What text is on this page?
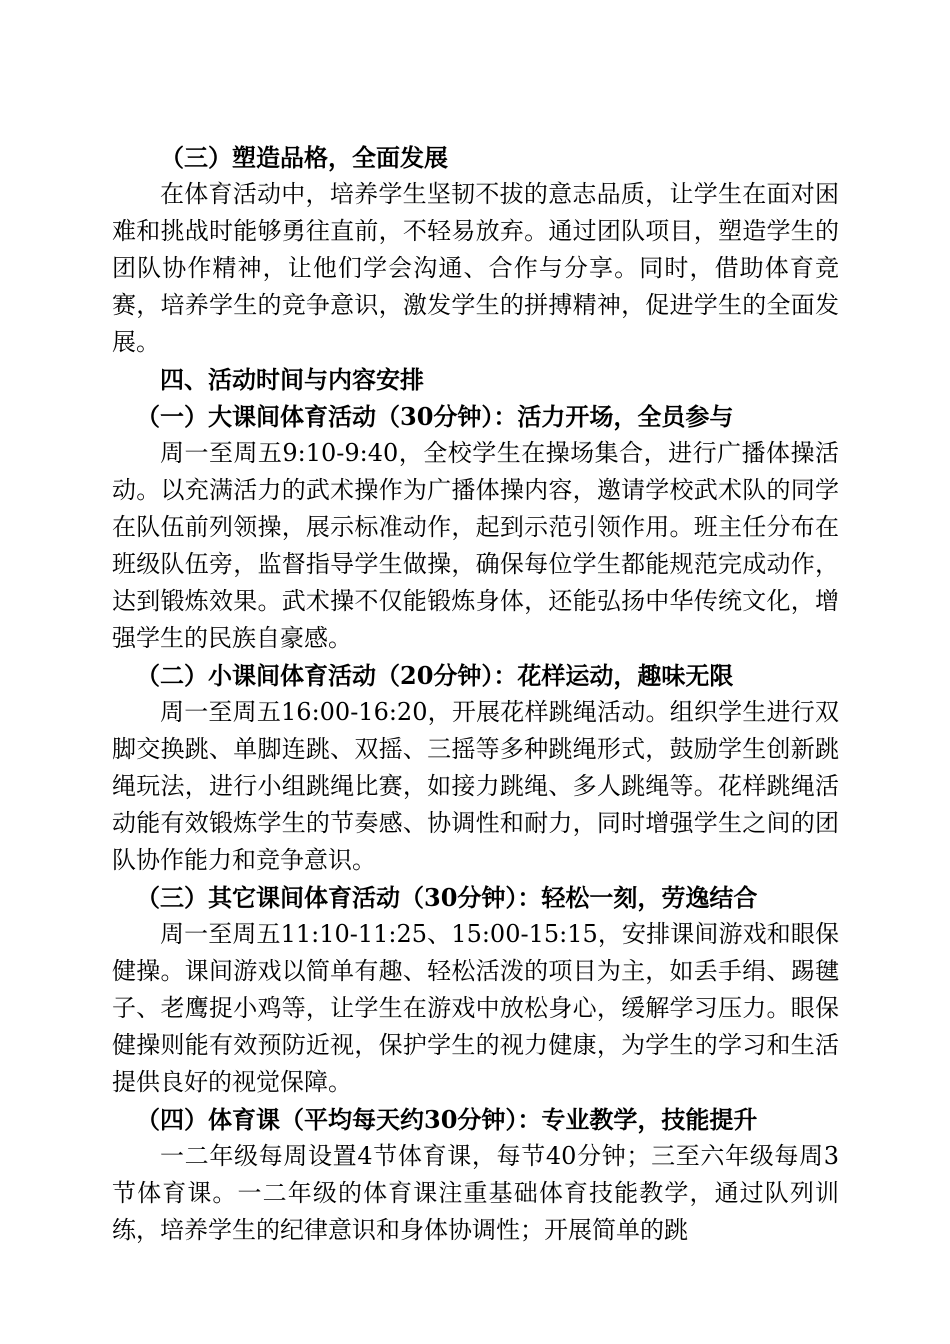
（三）塑造品格，全面发展

在体育活动中，培养学生坚韧不拔的意志品质，让学生在面对困难和挑战时能够勇往直前，不轻易放弃。通过团队项目，塑造学生的团队协作精神，让他们学会沟通、合作与分享。同时，借助体育竞赛，培养学生的竞争意识，激发学生的拼搏精神，促进学生的全面发展。

四、活动时间与内容安排
（一）大课间体育活动（30分钟）：活力开场，全员参与

周一至周五9:10-9:40，全校学生在操场集合，进行广播体操活动。以充满活力的武术操作为广播体操内容，邀请学校武术队的同学在队伍前列领操，展示标准动作，起到示范引领作用。班主任分布在班级队伍旁，监督指导学生做操，确保每位学生都能规范完成动作，达到锻炼效果。武术操不仅能锻炼身体，还能弘扬中华传统文化，增强学生的民族自豪感。

（二）小课间体育活动（20分钟）：花样运动，趣味无限

周一至周五16:00-16:20，开展花样跳绳活动。组织学生进行双脚交换跳、单脚连跳、双摇、三摇等多种跳绳形式，鼓励学生创新跳绳玩法，进行小组跳绳比赛，如接力跳绳、多人跳绳等。花样跳绳活动能有效锻炼学生的节奏感、协调性和耐力，同时增强学生之间的团队协作能力和竞争意识。

（三）其它课间体育活动（30分钟）：轻松一刻，劳逸结合

周一至周五11:10-11:25、15:00-15:15，安排课间游戏和眼保健操。课间游戏以简单有趣、轻松活泼的项目为主，如丢手绢、踢毽子、老鹰捉小鸡等，让学生在游戏中放松身心，缓解学习压力。眼保健操则能有效预防近视，保护学生的视力健康，为学生的学习和生活提供良好的视觉保障。

（四）体育课（平均每天约30分钟）：专业教学，技能提升

一二年级每周设置4节体育课，每节40分钟；三至六年级每周3节体育课。一二年级的体育课注重基础体育技能教学，通过队列训练，培养学生的纪律意识和身体协调性；开展简单的跳
